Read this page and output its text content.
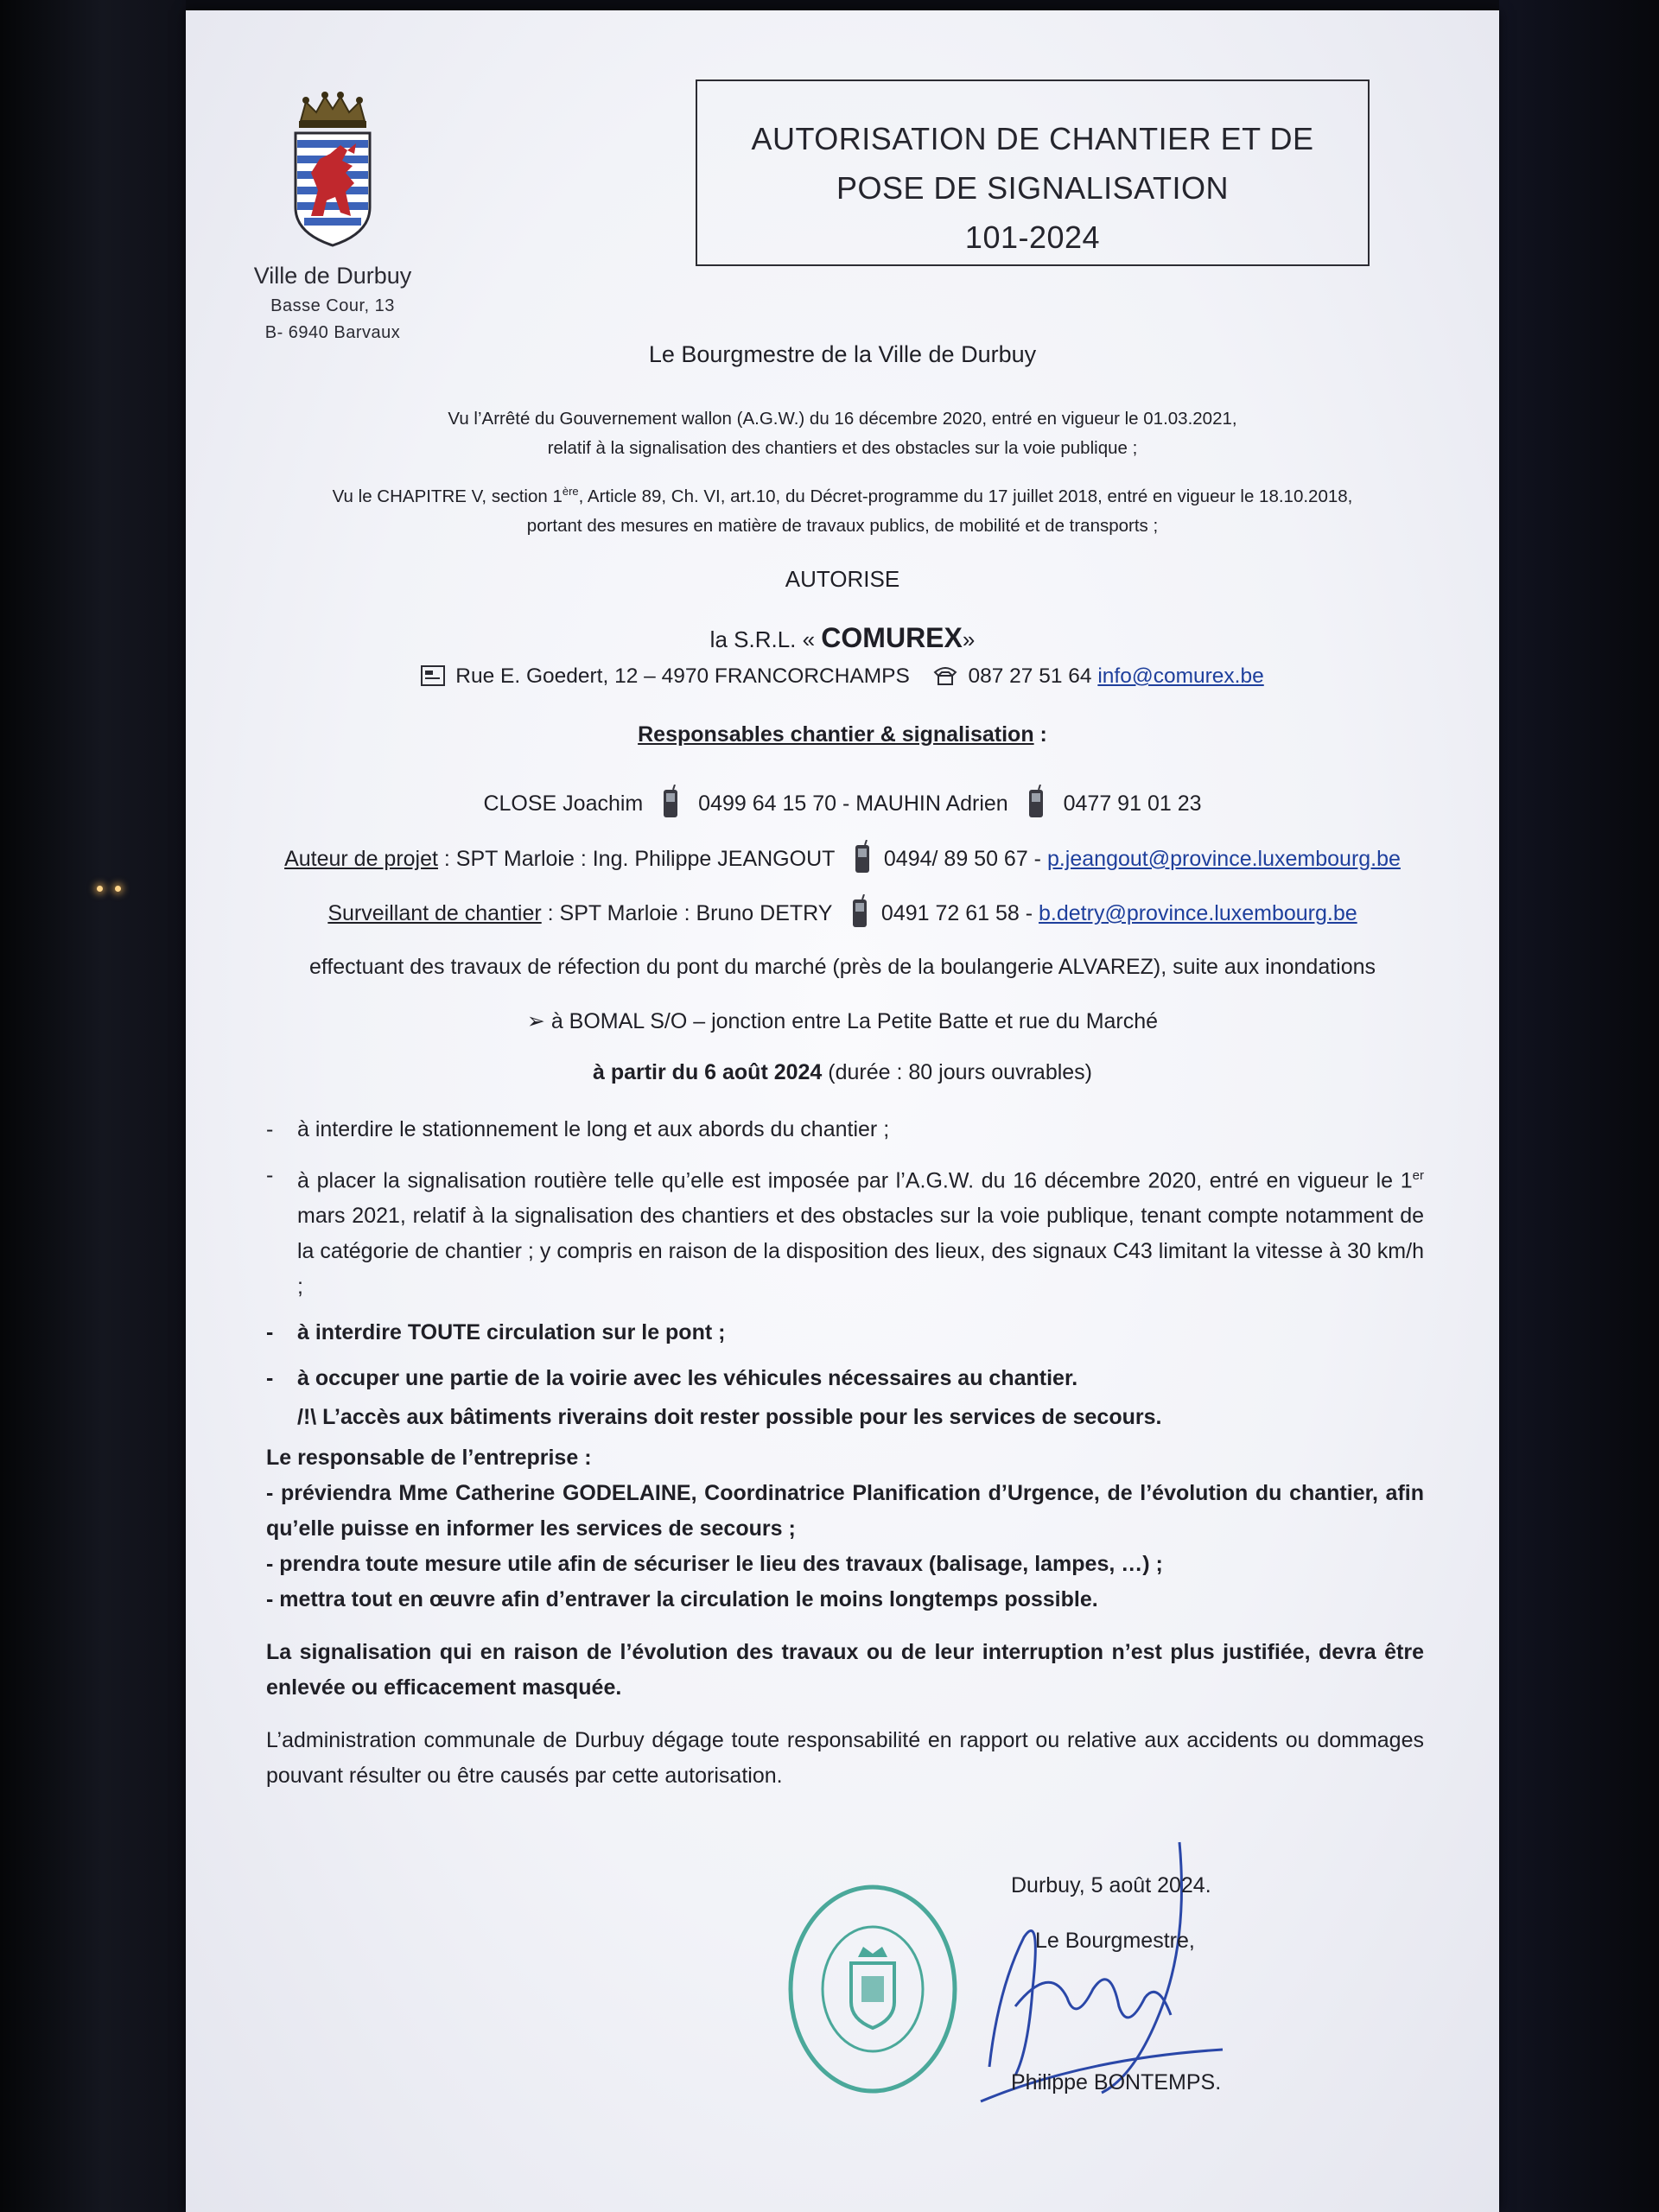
Ville de Durbuy
Basse Cour, 13
B- 6940 Barvaux
AUTORISATION DE CHANTIER ET DE
POSE DE SIGNALISATION
101-2024
Le Bourgmestre de la Ville de Durbuy
Vu l’Arrêté du Gouvernement wallon (A.G.W.) du 16 décembre 2020, entré en vigueur le 01.03.2021,
relatif à la signalisation des chantiers et des obstacles sur la voie publique ;
Vu le CHAPITRE V, section 1ère, Article 89, Ch. VI, art.10, du Décret-programme du 17 juillet 2018, entré en vigueur le 18.10.2018,
portant des mesures en matière de travaux publics, de mobilité et de transports ;
AUTORISE
la S.R.L. « COMUREX»
Rue E. Goedert, 12 – 4970 FRANCORCHAMPS	087 27 51 64 info@comurex.be
Responsables chantier & signalisation :
CLOSE Joachim	0499 64 15 70 - MAUHIN Adrien	0477 91 01 23
Auteur de projet : SPT Marloie : Ing. Philippe JEANGOUT 0494/ 89 50 67 - p.jeangout@province.luxembourg.be
Surveillant de chantier : SPT Marloie : Bruno DETRY 0491 72 61 58 - b.detry@province.luxembourg.be
effectuant des travaux de réfection du pont du marché (près de la boulangerie ALVAREZ), suite aux inondations
➢ à BOMAL S/O – jonction entre La Petite Batte et rue du Marché
à partir du 6 août 2024 (durée : 80 jours ouvrables)
-	à interdire le stationnement le long et aux abords du chantier ;
-	à placer la signalisation routière telle qu’elle est imposée par l’A.G.W. du 16 décembre 2020, entré en vigueur le 1er mars 2021, relatif à la signalisation des chantiers et des obstacles sur la voie publique, tenant compte notamment de la catégorie de chantier ; y compris en raison de la disposition des lieux, des signaux C43 limitant la vitesse à 30 km/h ;
-	à interdire TOUTE circulation sur le pont ;
-	à occuper une partie de la voirie avec les véhicules nécessaires au chantier.
/!\ L’accès aux bâtiments riverains doit rester possible pour les services de secours.
Le responsable de l’entreprise :
- préviendra Mme Catherine GODELAINE, Coordinatrice Planification d’Urgence, de l’évolution du chantier, afin qu’elle puisse en informer les services de secours ;
- prendra toute mesure utile afin de sécuriser le lieu des travaux (balisage, lampes, …) ;
- mettra tout en œuvre afin d’entraver la circulation le moins longtemps possible.
La signalisation qui en raison de l’évolution des travaux ou de leur interruption n’est plus justifiée, devra être enlevée ou efficacement masquée.
L’administration communale de Durbuy dégage toute responsabilité en rapport ou relative aux accidents ou dommages pouvant résulter ou être causés par cette autorisation.
Durbuy, 5 août 2024.
Le Bourgmestre,
Philippe BONTEMPS.
